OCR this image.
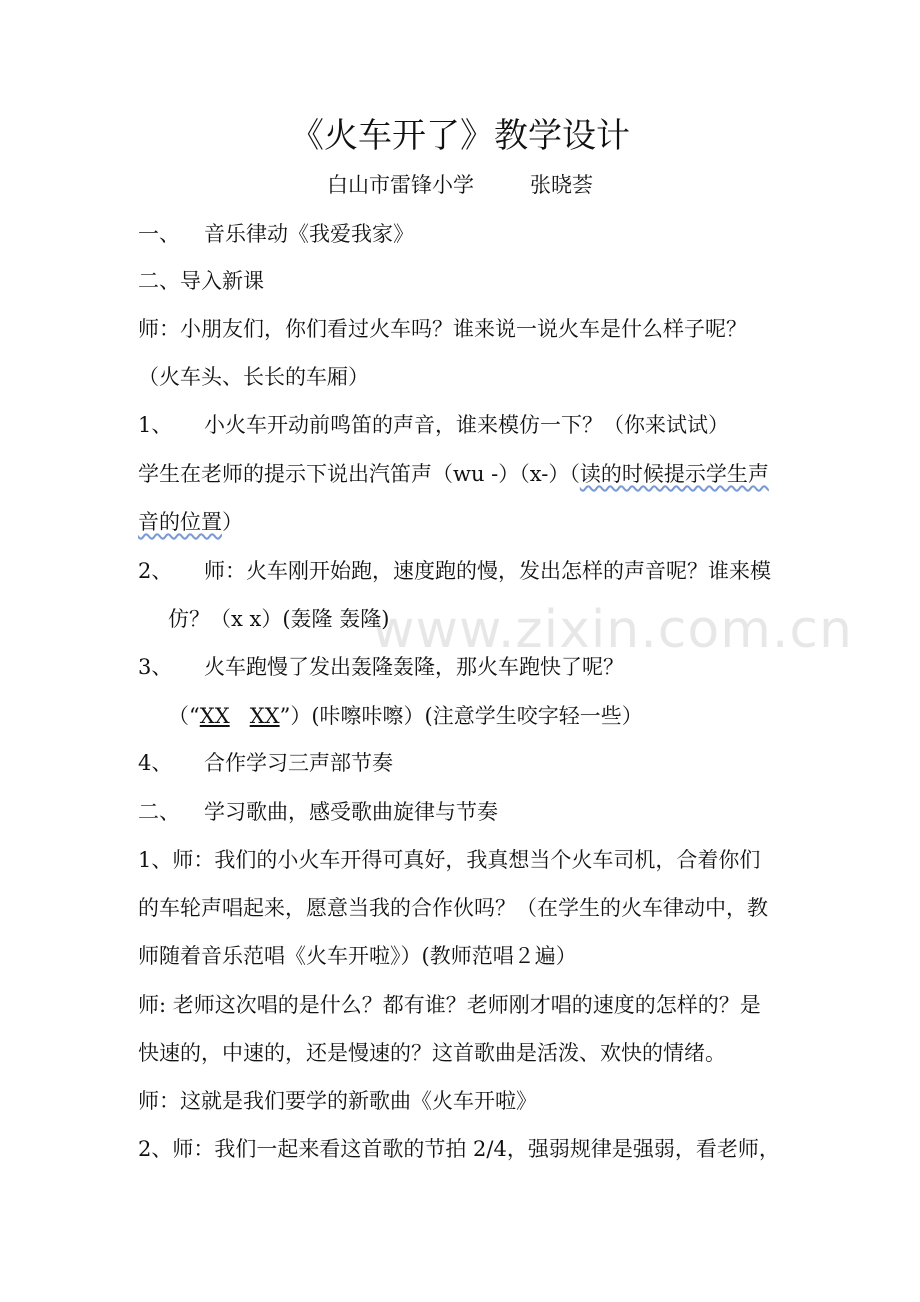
《火车开了》教学设计
白山市雷锋小学	张晓荟
一、 音乐律动《我爱我家》
二、导入新课
师：小朋友们，你们看过火车吗？谁来说一说火车是什么样子呢？
（火车头、长长的车厢）
1、 小火车开动前鸣笛的声音，谁来模仿一下？（你来试试）
学生在老师的提示下说出汽笛声（wu -）（x-）（读的时候提示学生声
音的位置）
2、 师：火车刚开始跑，速度跑的慢，发出怎样的声音呢？谁来模
仿？（x x）(轰隆 轰隆)
3、 火车跑慢了发出轰隆轰隆，那火车跑快了呢？
（“XX XX”）(咔嚓咔嚓）(注意学生咬字轻一些）
4、 合作学习三声部节奏
二、 学习歌曲，感受歌曲旋律与节奏
1、师：我们的小火车开得可真好，我真想当个火车司机，合着你们
的车轮声唱起来，愿意当我的合作伙吗？（在学生的火车律动中，教
师随着音乐范唱《火车开啦》）(教师范唱２遍）
师: 老师这次唱的是什么？都有谁？老师刚才唱的速度的怎样的？是
快速的，中速的，还是慢速的？这首歌曲是活泼、欢快的情绪。
师：这就是我们要学的新歌曲《火车开啦》
2、师：我们一起来看这首歌的节拍 2/4，强弱规律是强弱，看老师，
www.zixin.com.cn
